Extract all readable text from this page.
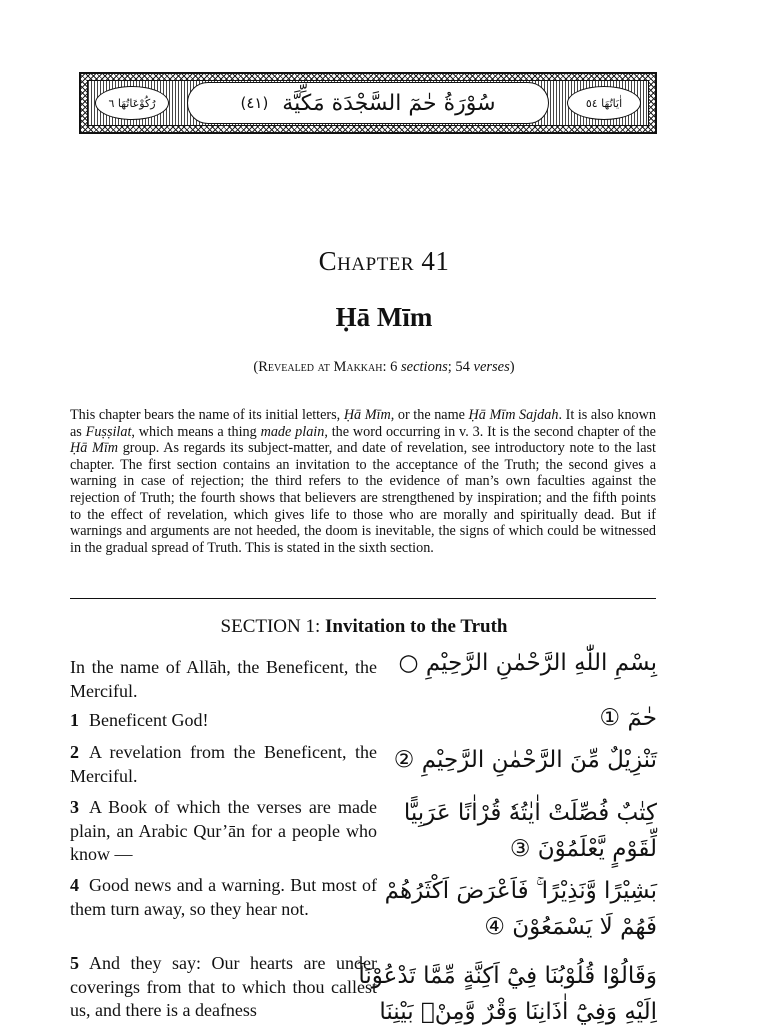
رُكُوْعَاتُهَا ٦	سُوْرَةُ حٰمٓ السَّجْدَة مَكِّيَّة
(٤١)	اٰيَاتُهَا ٥٤
Chapter 41
Ḥā Mīm
(Revealed at Makkah: 6 sections; 54 verses)
This chapter bears the name of its initial letters, Ḥā Mīm, or the name Ḥā Mīm Sajdah. It is also known as Fuṣṣilat, which means a thing made plain, the word occurring in v. 3. It is the second chapter of the Ḥā Mīm group. As regards its subject-matter, and date of revelation, see introductory note to the last chapter. The first section contains an invitation to the acceptance of the Truth; the second gives a warning in case of rejection; the third refers to the evidence of man’s own faculties against the rejection of Truth; the fourth shows that believers are strengthened by inspiration; and the fifth points to the effect of revelation, which gives life to those who are morally and spiritually dead. But if warnings and arguments are not heeded, the doom is inevitable, the signs of which could be witnessed in the gradual spread of Truth. This is stated in the sixth section.
SECTION 1: Invitation to the Truth
In the name of Allāh, the Beneficent, the Merciful.
بِسْمِ اللّٰهِ الرَّحْمٰنِ الرَّحِيْمِ ○
1 Beneficent God!	حٰمٓ ①
2 A revelation from the Beneficent, the Merciful.
تَنْزِيْلٌ مِّنَ الرَّحْمٰنِ الرَّحِيْمِ ②
3 A Book of which the verses are made plain, an Arabic Qur’ān for a people who know —
كِتٰبٌ فُصِّلَتْ اٰيٰتُهٗ قُرْاٰنًا عَرَبِيًّا
لِّقَوْمٍ يَّعْلَمُوْنَ ③
4 Good news and a warning. But most of them turn away, so they hear not.
بَشِيْرًا وَّنَذِيْرًا ۚ فَاَعْرَضَ اَكْثَرُهُمْ
فَهُمْ لَا يَسْمَعُوْنَ ④
5 And they say: Our hearts are under coverings from that to which thou callest us, and there is a deafness
وَقَالُوْا قُلُوْبُنَا فِيْٓ اَكِنَّةٍ مِّمَّا تَدْعُوْنَآ
اِلَيْهِ وَفِيْٓ اٰذَانِنَا وَقْرٌ وَّمِنْۢ بَيْنِنَا
